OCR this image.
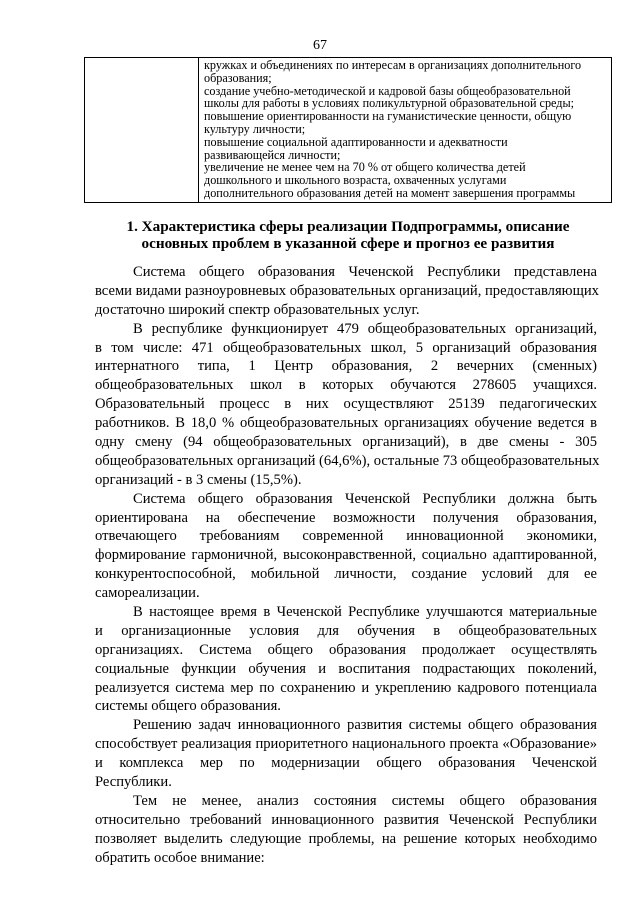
67

кружках и объединениях по интересам в организациях дополнительного
образования;
создание учебно-методической и кадровой базы общеобразовательной
школы для работы в условиях поликультурной образовательной среды;
повышение ориентированности на гуманистические ценности, общую
культуру личности;
повышение социальной адаптированности и адекватности
развивающейся личности;
увеличение не менее чем на 70 % от общего количества детей
дошкольного и школьного возраста, охваченных услугами
дополнительного образования детей на момент завершения программы
1. Характеристика сферы реализации Подпрограммы, описание
основных проблем в указанной сфере и прогноз ее развития
Система общего образования Чеченской Республики представлена
всеми видами разноуровневых образовательных организаций, предоставляющих
достаточно широкий спектр образовательных услуг.
В республике функционирует 479 общеобразовательных организаций,
в том числе: 471 общеобразовательных школ, 5 организаций образования
интернатного типа, 1 Центр образования, 2 вечерних (сменных)
общеобразовательных школ в которых обучаются 278605 учащихся.
Образовательный процесс в них осуществляют 25139 педагогических
работников. В 18,0 % общеобразовательных организациях обучение ведется в
одну смену (94 общеобразовательных организаций), в две смены - 305
общеобразовательных организаций (64,6%), остальные 73 общеобразовательных
организаций - в 3 смены (15,5%).
Система общего образования Чеченской Республики должна быть
ориентирована на обеспечение возможности получения образования,
отвечающего требованиям современной инновационной экономики,
формирование гармоничной, высоконравственной, социально адаптированной,
конкурентоспособной, мобильной личности, создание условий для ее
самореализации.
В настоящее время в Чеченской Республике улучшаются материальные
и организационные условия для обучения в общеобразовательных
организациях. Система общего образования продолжает осуществлять
социальные функции обучения и воспитания подрастающих поколений,
реализуется система мер по сохранению и укреплению кадрового потенциала
системы общего образования.
Решению задач инновационного развития системы общего образования
способствует реализация приоритетного национального проекта «Образование»
и комплекса мер по модернизации общего образования Чеченской
Республики.
Тем не менее, анализ состояния системы общего образования
относительно требований инновационного развития Чеченской Республики
позволяет выделить следующие проблемы, на решение которых необходимо
обратить особое внимание:
